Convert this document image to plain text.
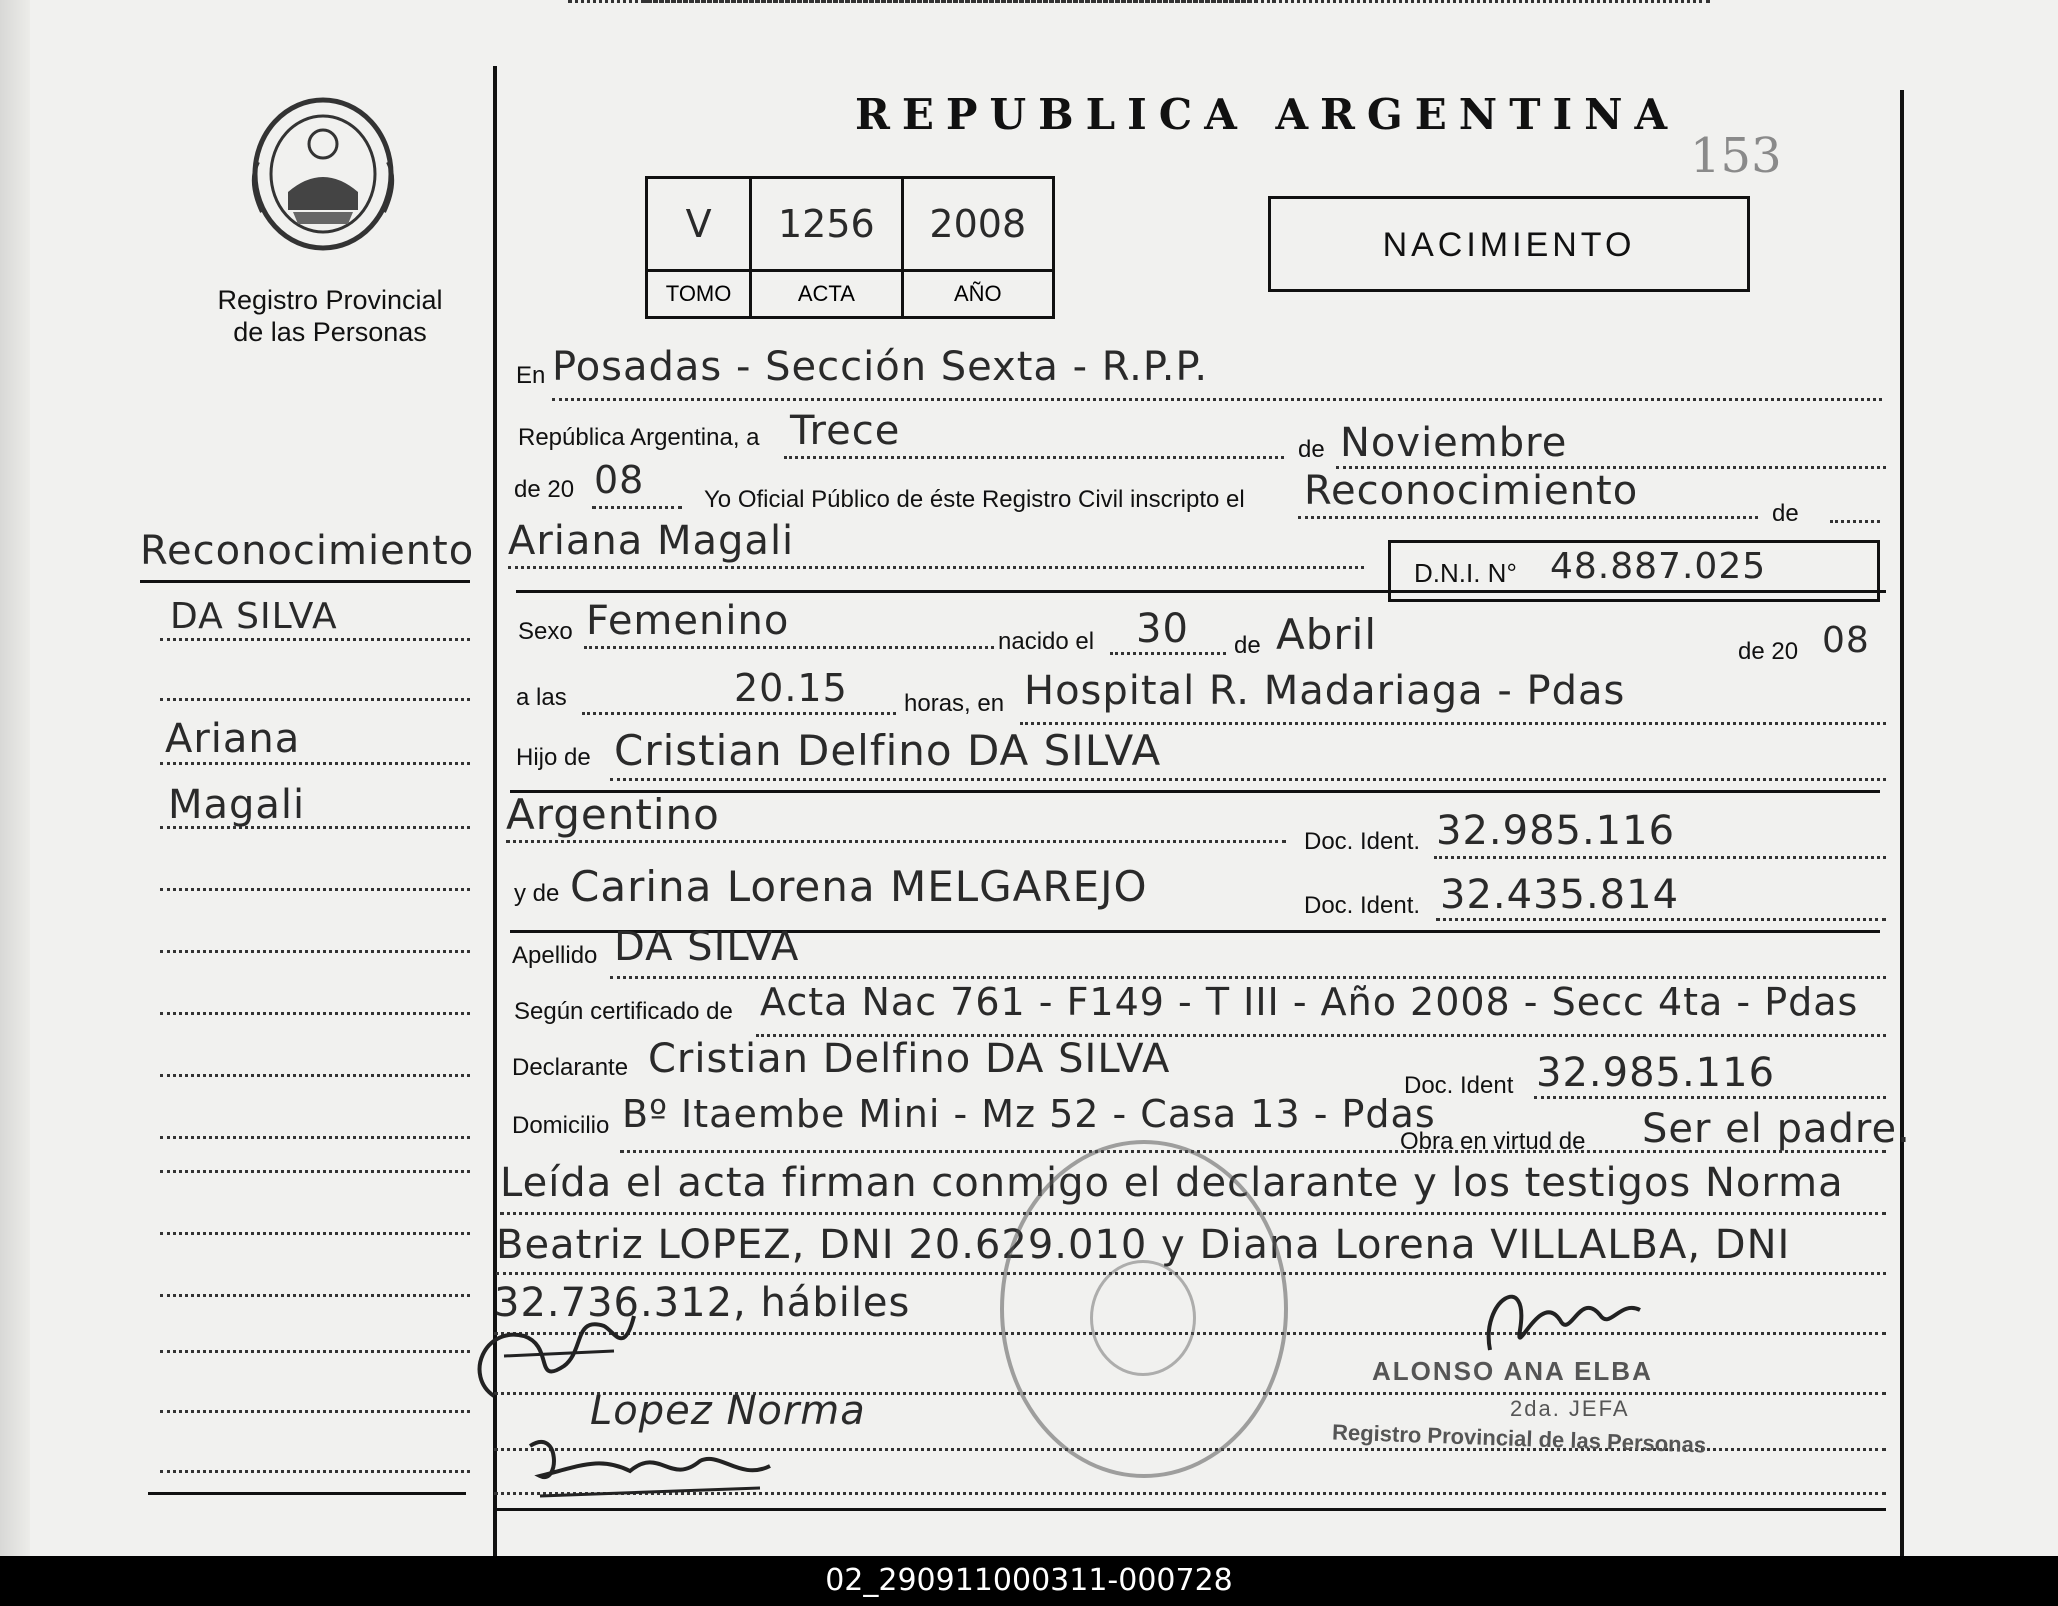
Registro Provincial
de las Personas
REPUBLICA ARGENTINA
153
V	1256	2008
TOMO	ACTA	AÑO
NACIMIENTO
Reconocimiento
DA SILVA
Ariana
Magali
En Posadas - Sección Sexta - R.P.P.
República Argentina, a Trece	de Noviembre
de 20 08 Yo Oficial Público de éste Registro Civil inscripto el Reconocimiento	de
Ariana Magali
D.N.I. N° 48.887.025
Sexo Femenino	nacido el 30 de Abril	de 20 08
a las	20.15 horas, en Hospital R. Madariaga - Pdas
Hijo de Cristian Delfino DA SILVA
Argentino
Doc. Ident. 32.985.116
y de Carina Lorena MELGAREJO	Doc. Ident. 32.435.814
Apellido DA SILVA
Según certificado de Acta Nac 761 - F149 - T III - Año 2008 - Secc 4ta - Pdas
Declarante Cristian Delfino DA SILVA
Doc. Ident 32.985.116
Domicilio Bº Itaembe Mini - Mz 52 - Casa 13 - Pdas
Obra en virtud de Ser el padre.
Leída el acta firman conmigo el declarante y los testigos Norma
Beatriz LOPEZ, DNI 20.629.010 y Diana Lorena VILLALBA, DNI
32.736.312, hábiles
ALONSO ANA ELBA
2da. JEFA
Registro Provincial de las Personas
Lopez Norma
02_290911000311-000728
